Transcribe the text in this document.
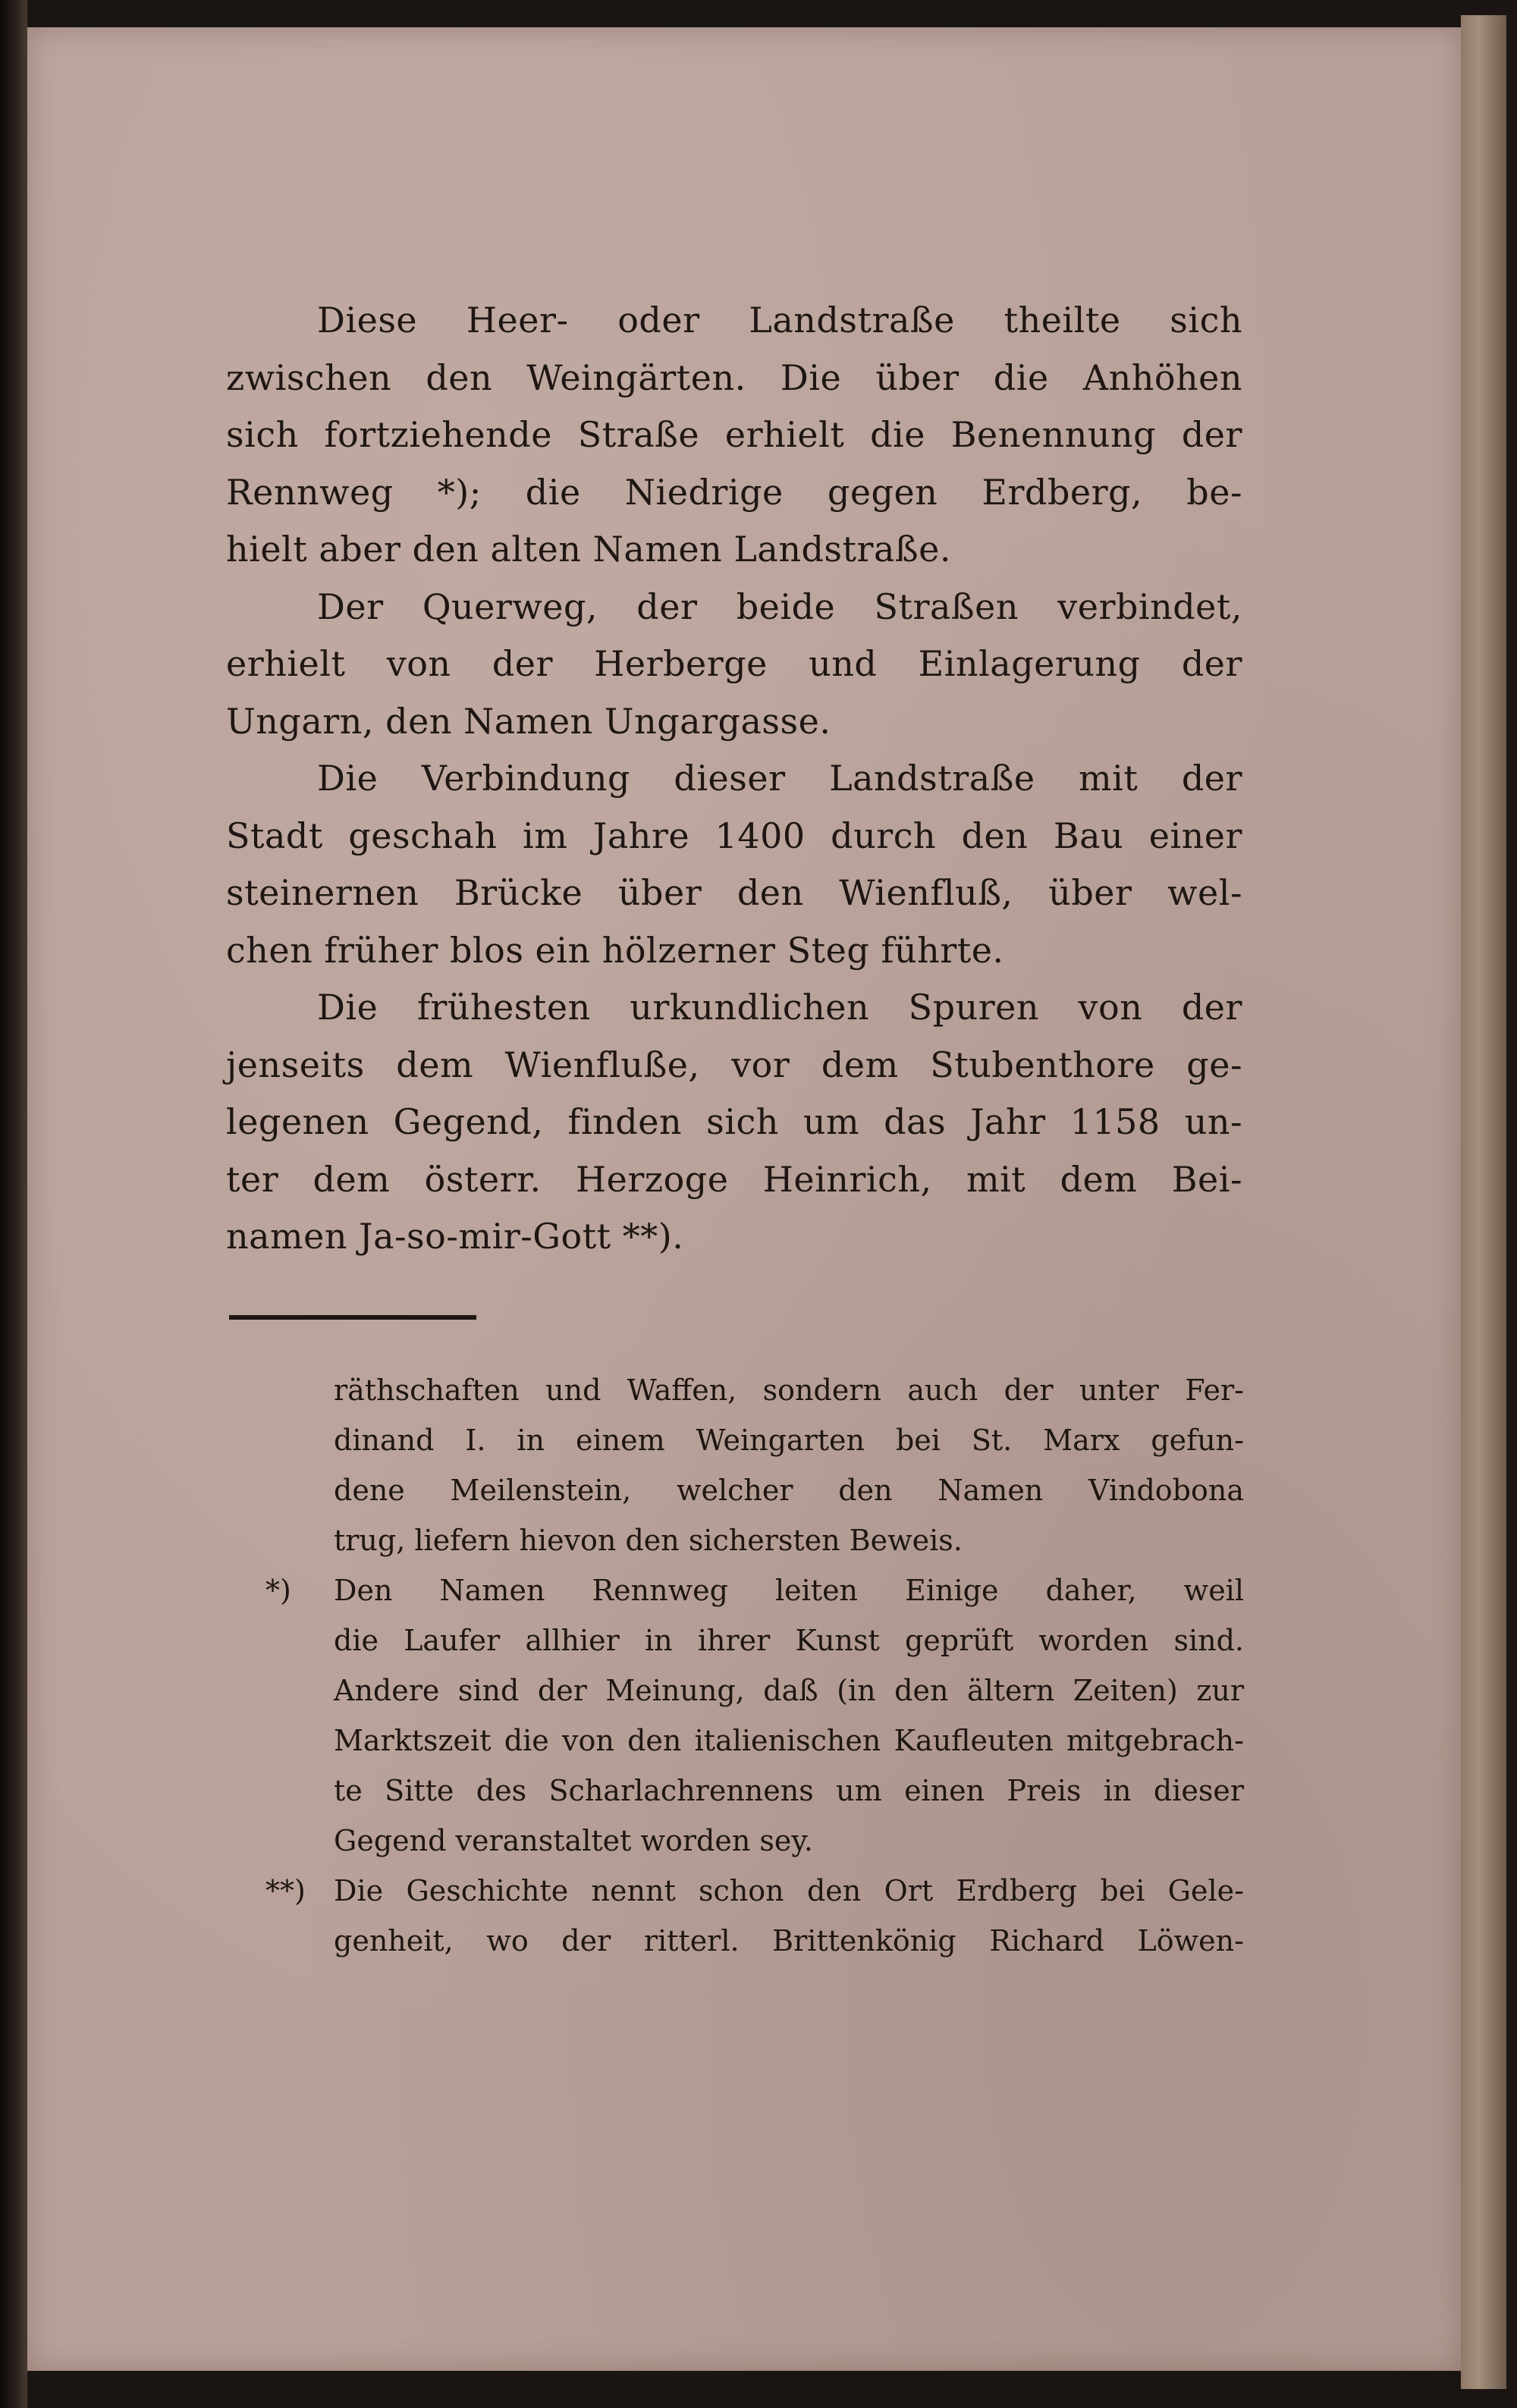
Diese Heer- oder Landstraße theilte sich
zwischen den Weingärten. Die über die Anhöhen
sich fortziehende Straße erhielt die Benennung der
Rennweg *); die Niedrige gegen Erdberg, be-
hielt aber den alten Namen Landstraße.
Der Querweg, der beide Straßen verbindet,
erhielt von der Herberge und Einlagerung der
Ungarn, den Namen Ungargasse.
Die Verbindung dieser Landstraße mit der
Stadt geschah im Jahre 1400 durch den Bau einer
steinernen Brücke über den Wienfluß, über wel-
chen früher blos ein hölzerner Steg führte.
Die frühesten urkundlichen Spuren von der
jenseits dem Wienfluße, vor dem Stubenthore ge-
legenen Gegend, finden sich um das Jahr 1158 un-
ter dem österr. Herzoge Heinrich, mit dem Bei-
namen Ja-so-mir-Gott **).
räthschaften und Waffen, sondern auch der unter Fer-
dinand I. in einem Weingarten bei St. Marx gefun-
dene Meilenstein, welcher den Namen Vindobona
trug, liefern hievon den sichersten Beweis.
*) Den Namen Rennweg leiten Einige daher, weil
die Laufer allhier in ihrer Kunst geprüft worden sind.
Andere sind der Meinung, daß (in den ältern Zeiten) zur
Marktszeit die von den italienischen Kaufleuten mitgebrach-
te Sitte des Scharlachrennens um einen Preis in dieser
Gegend veranstaltet worden sey.
**) Die Geschichte nennt schon den Ort Erdberg bei Gele-
genheit, wo der ritterl. Brittenkönig Richard Löwen-
